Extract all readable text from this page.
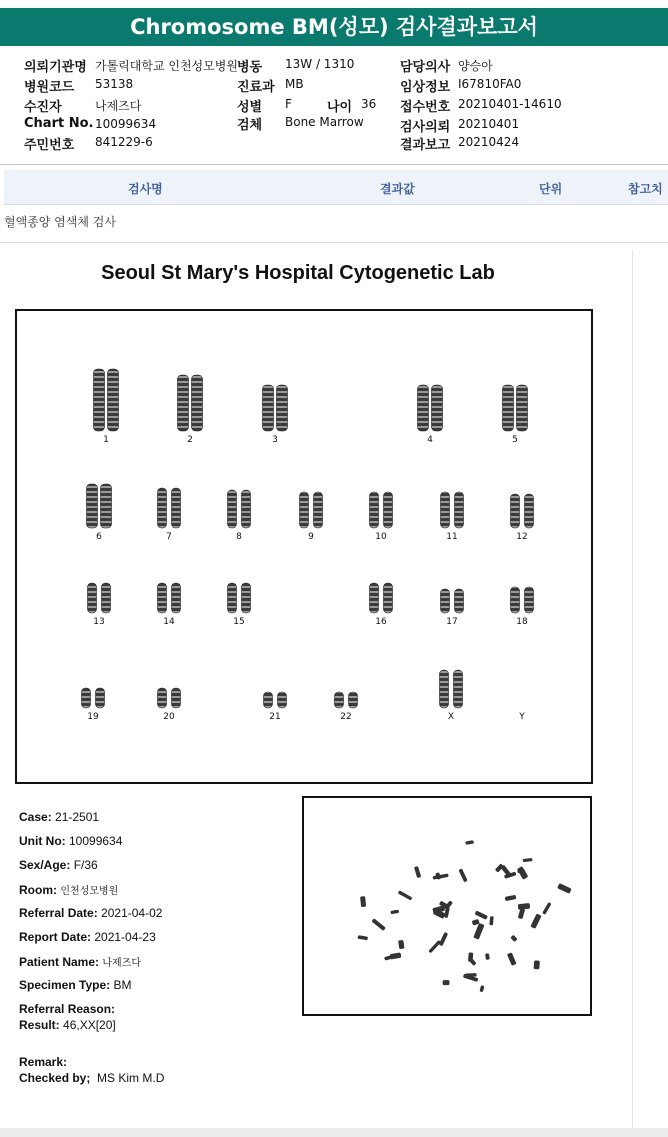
Chromosome BM(성모) 검사결과보고서
의뢰기관명 가톨릭대학교 인천성모병원 병동 13W / 1310	담당의사 양승아
병원코드 53138	진료과 MB	임상정보 I67810FA0
수진자	나제즈다	성별 F	나이 36 접수번호 20210401-14610
Chart No. 10099634	검체 Bone Marrow	검사의뢰 20210401
주민번호 841229-6	결과보고 20210424
검사명	결과값	단위	참고치
혈액종양 염색체 검사
Seoul St Mary's Hospital Cytogenetic Lab
1	2	3	4	5
6	7	8	9	10	11	12
13	14	15	16	17	18
19	20	21	22	X	Y
Case: 21-2501
Unit No: 10099634
Sex/Age: F/36
Room: 인천성모병원
Referral Date: 2021-04-02
Report Date: 2021-04-23
Patient Name: 나제즈다
Specimen Type: BM
Referral Reason:
Result: 46,XX[20]
Remark:
Checked by; MS Kim M.D
